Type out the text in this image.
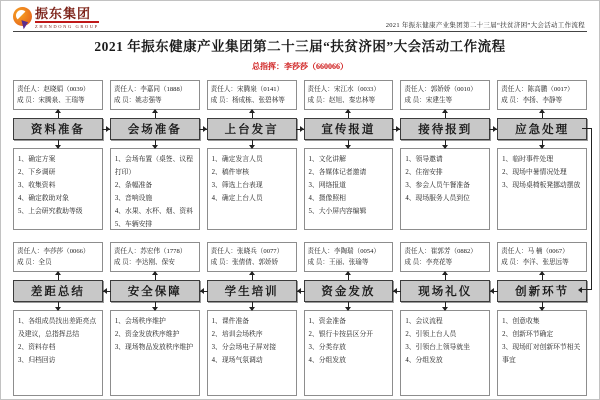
振东集团
ZHENDONG GROUP	2021 年振东健康产业集团第二十三届“扶贫济困”大会活动工作流程
2021 年振东健康产业集团第二十三届“扶贫济困”大会活动工作流程
总指挥：李莎莎（660066）
责任人：赵晓娟（0039）
成 员：宋腾泉、王瑞等
资料准备
1、确定方案
2、下乡调研
3、收集资料
4、确定救助对象
5、上会研究救助等级
责任人：李嘉同（1888）
成 员：姚志强等
会场准备
1、会场布置（桌签、议程打印）
2、条幅准备
3、音响设施
4、水果、水杯、烟、资料
5、车辆安排
责任人：宋腾泉（0141）
成 员：杨成栋、张碧林等
上台发言
1、确定发言人员
2、稿件审核
3、筛选上台表现
4、确定上台人员
责任人：宋江水（0033）
成 员：赵旭、秦忠林等
宣传报道
1、文化讲解
2、各媒体记者邀请
3、网络报道
4、摄像照相
5、大小屏内容编辑
责任人：郭娇娇（0010）
成 员：宋建生等
接待报到
1、领导邀请
2、住宿安排
3、参会人员午餐准备
4、现场服务人员到位
责任人：陈高鹏（0017）
成 员：李扬、李静等
应急处理
1、临时事件处理
2、现场中暑情况处理
3、现场桌椅板凳挪动摆放
责任人：李莎莎（0066）
成 员：全员
差距总结
1、各组成员找出差距亮点及建议，总指挥总结
2、资料存档
3、归档回访
责任人：苏宏伟（1778）
成 员：李达刚、保安
安全保障
1、会场秩序维护
2、资金发放秩序维护
3、现场物品发放秩序维护
责任人：张晓兵（0077）
成 员：张倩倩、郭娇娇
学生培训
1、课件准备
2、培训会场秩序
3、分会场电子屏对接
4、现场气氛调动
责任人：李陶瑞（0054）
成 员：王丽、张瑜等
资金发放
1、资金准备
2、银行卡按县区分开
3、分类存放
4、分组发放
责任人：崔郭芳（0882）
成 员：李亮花等
现场礼仪
1、会议流程
2、引领上台人员
3、引领台上领导就坐
4、分组发放
责任人：马 楠（0067）
成 员：李洋、张思远等
创新环节
1、创意收集
2、创新环节确定
3、现场盯对创新环节相关事宜
